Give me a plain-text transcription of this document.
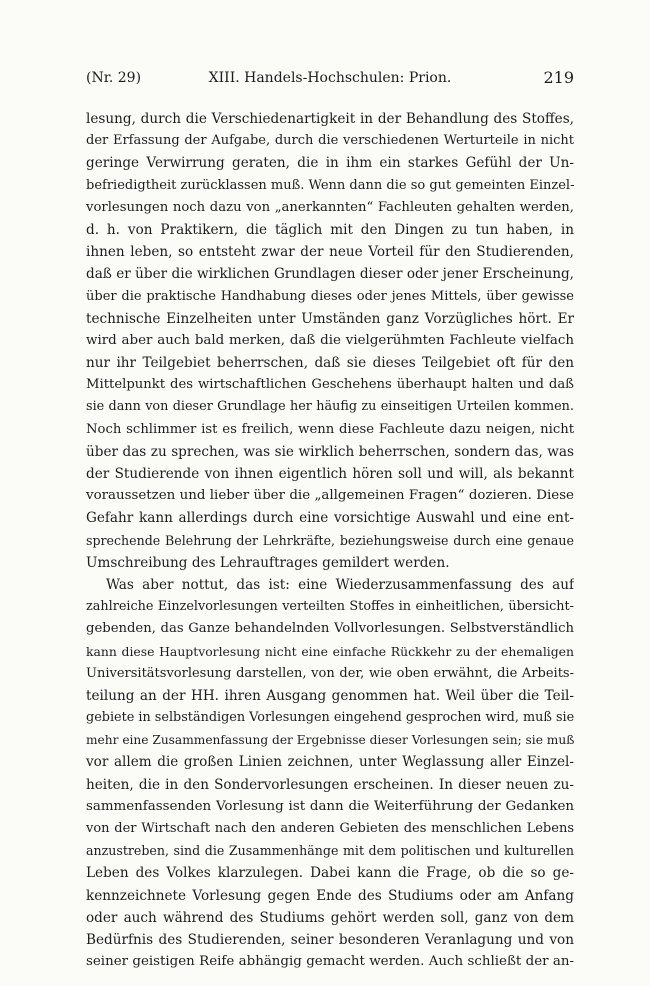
(Nr. 29)	XIII. Handels-Hochschulen: Prion.	219
lesung, durch die Verschiedenartigkeit in der Behandlung des Stoffes,
der Erfassung der Aufgabe, durch die verschiedenen Werturteile in nicht
geringe Verwirrung geraten, die in ihm ein starkes Gefühl der Un-
befriedigtheit zurücklassen muß. Wenn dann die so gut gemeinten Einzel-
vorlesungen noch dazu von „anerkannten“ Fachleuten gehalten werden,
d. h. von Praktikern, die täglich mit den Dingen zu tun haben, in
ihnen leben, so entsteht zwar der neue Vorteil für den Studierenden,
daß er über die wirklichen Grundlagen dieser oder jener Erscheinung,
über die praktische Handhabung dieses oder jenes Mittels, über gewisse
technische Einzelheiten unter Umständen ganz Vorzügliches hört. Er
wird aber auch bald merken, daß die vielgerühmten Fachleute vielfach
nur ihr Teilgebiet beherrschen, daß sie dieses Teilgebiet oft für den
Mittelpunkt des wirtschaftlichen Geschehens überhaupt halten und daß
sie dann von dieser Grundlage her häufig zu einseitigen Urteilen kommen.
Noch schlimmer ist es freilich, wenn diese Fachleute dazu neigen, nicht
über das zu sprechen, was sie wirklich beherrschen, sondern das, was
der Studierende von ihnen eigentlich hören soll und will, als bekannt
voraussetzen und lieber über die „allgemeinen Fragen“ dozieren. Diese
Gefahr kann allerdings durch eine vorsichtige Auswahl und eine ent-
sprechende Belehrung der Lehrkräfte, beziehungsweise durch eine genaue
Umschreibung des Lehrauftrages gemildert werden.
Was aber nottut, das ist: eine Wiederzusammenfassung des auf
zahlreiche Einzelvorlesungen verteilten Stoffes in einheitlichen, übersicht-
gebenden, das Ganze behandelnden Vollvorlesungen. Selbstverständlich
kann diese Hauptvorlesung nicht eine einfache Rückkehr zu der ehemaligen
Universitätsvorlesung darstellen, von der, wie oben erwähnt, die Arbeits-
teilung an der HH. ihren Ausgang genommen hat. Weil über die Teil-
gebiete in selbständigen Vorlesungen eingehend gesprochen wird, muß sie
mehr eine Zusammenfassung der Ergebnisse dieser Vorlesungen sein; sie muß
vor allem die großen Linien zeichnen, unter Weglassung aller Einzel-
heiten, die in den Sondervorlesungen erscheinen. In dieser neuen zu-
sammenfassenden Vorlesung ist dann die Weiterführung der Gedanken
von der Wirtschaft nach den anderen Gebieten des menschlichen Lebens
anzustreben, sind die Zusammenhänge mit dem politischen und kulturellen
Leben des Volkes klarzulegen. Dabei kann die Frage, ob die so ge-
kennzeichnete Vorlesung gegen Ende des Studiums oder am Anfang
oder auch während des Studiums gehört werden soll, ganz von dem
Bedürfnis des Studierenden, seiner besonderen Veranlagung und von
seiner geistigen Reife abhängig gemacht werden. Auch schließt der an-
